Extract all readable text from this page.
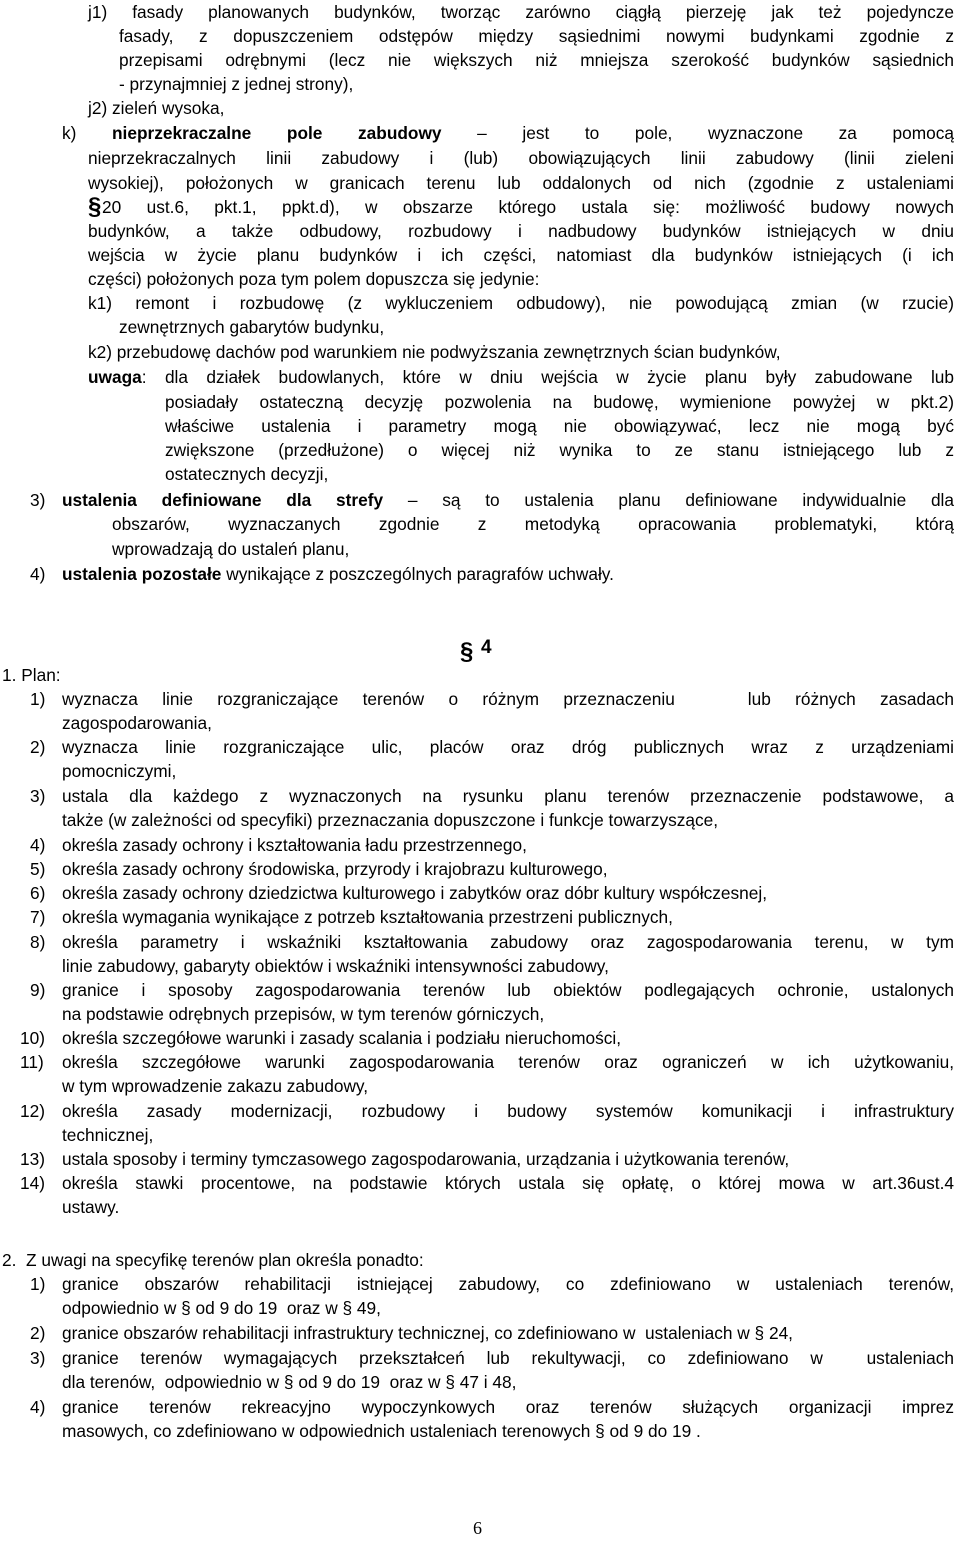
j1) fasady planowanych budynków, tworząc zarówno ciągłą pierzeję jak też pojedyncze
fasady, z dopuszczeniem odstępów między sąsiednimi nowymi budynkami zgodnie z
przepisami odrębnymi (lecz nie większych niż mniejsza szerokość budynków sąsiednich
- przynajmniej z jednej strony),
j2) zieleń wysoka,
k) nieprzekraczalne pole zabudowy – jest to pole, wyznaczone za pomocą
nieprzekraczalnych linii zabudowy i (lub) obowiązujących linii zabudowy (linii zieleni
wysokiej), położonych w granicach terenu lub oddalonych od nich (zgodnie z ustaleniami
§ 20 ust.6, pkt.1, ppkt.d), w obszarze którego ustala się: możliwość budowy nowych
budynków, a także odbudowy, rozbudowy i nadbudowy budynków istniejących w dniu
wejścia w życie planu budynków i ich części, natomiast dla budynków istniejących (i ich
części) położonych poza tym polem dopuszcza się jedynie:
k1) remont i rozbudowę (z wykluczeniem odbudowy), nie powodującą zmian (w rzucie)
zewnętrznych gabarytów budynku,
k2) przebudowę dachów pod warunkiem nie podwyższania zewnętrznych ścian budynków,
uwaga: dla działek budowlanych, które w dniu wejścia w życie planu były zabudowane lub
posiadały ostateczną decyzję pozwolenia na budowę, wymienione powyżej w pkt.2)
właściwe ustalenia i parametry mogą nie obowiązywać, lecz nie mogą być
zwiększone (przedłużone) o więcej niż wynika to ze stanu istniejącego lub z
ostatecznych decyzji,
3) ustalenia definiowane dla strefy – są to ustalenia planu definiowane indywidualnie dla
obszarów, wyznaczanych zgodnie z metodyką opracowania problematyki, którą
wprowadzają do ustaleń planu,
4) ustalenia pozostałe wynikające z poszczególnych paragrafów uchwały.
§ 4
1. Plan:
1) wyznacza linie rozgraniczające terenów o różnym przeznaczeniu   lub różnych zasadach
zagospodarowania,
2) wyznacza linie rozgraniczające ulic, placów oraz dróg publicznych wraz z urządzeniami
pomocniczymi,
3) ustala dla każdego z wyznaczonych na rysunku planu terenów przeznaczenie podstawowe, a
także (w zależności od specyfiki) przeznaczania dopuszczone i funkcje towarzyszące,
4) określa zasady ochrony i kształtowania ładu przestrzennego,
5) określa zasady ochrony środowiska, przyrody i krajobrazu kulturowego,
6) określa zasady ochrony dziedzictwa kulturowego i zabytków oraz dóbr kultury współczesnej,
7) określa wymagania wynikające z potrzeb kształtowania przestrzeni publicznych,
8) określa parametry i wskaźniki kształtowania zabudowy oraz zagospodarowania terenu, w tym
linie zabudowy, gabaryty obiektów i wskaźniki intensywności zabudowy,
9) granice i sposoby zagospodarowania terenów lub obiektów podlegających ochronie, ustalonych
na podstawie odrębnych przepisów, w tym terenów górniczych,
10) określa szczegółowe warunki i zasady scalania i podziału nieruchomości,
11) określa szczegółowe warunki zagospodarowania terenów oraz ograniczeń w ich użytkowaniu,
w tym wprowadzenie zakazu zabudowy,
12) określa zasady modernizacji, rozbudowy i budowy systemów komunikacji i infrastruktury
technicznej,
13) ustala sposoby i terminy tymczasowego zagospodarowania, urządzania i użytkowania terenów,
14) określa stawki procentowe, na podstawie których ustala się opłatę, o której mowa w art.36ust.4
ustawy.
2.  Z uwagi na specyfikę terenów plan określa ponadto:
1) granice obszarów rehabilitacji istniejącej zabudowy, co zdefiniowano w ustaleniach terenów,
odpowiednio w § od 9 do 19  oraz w § 49,
2) granice obszarów rehabilitacji infrastruktury technicznej, co zdefiniowano w  ustaleniach w § 24,
3) granice terenów wymagających przekształceń lub rekultywacji, co zdefiniowano w  ustaleniach
dla terenów,  odpowiednio w § od 9 do 19  oraz w § 47 i 48,
4) granice terenów rekreacyjno wypoczynkowych oraz terenów służących organizacji imprez
masowych, co zdefiniowano w odpowiednich ustaleniach terenowych § od 9 do 19 .
6
